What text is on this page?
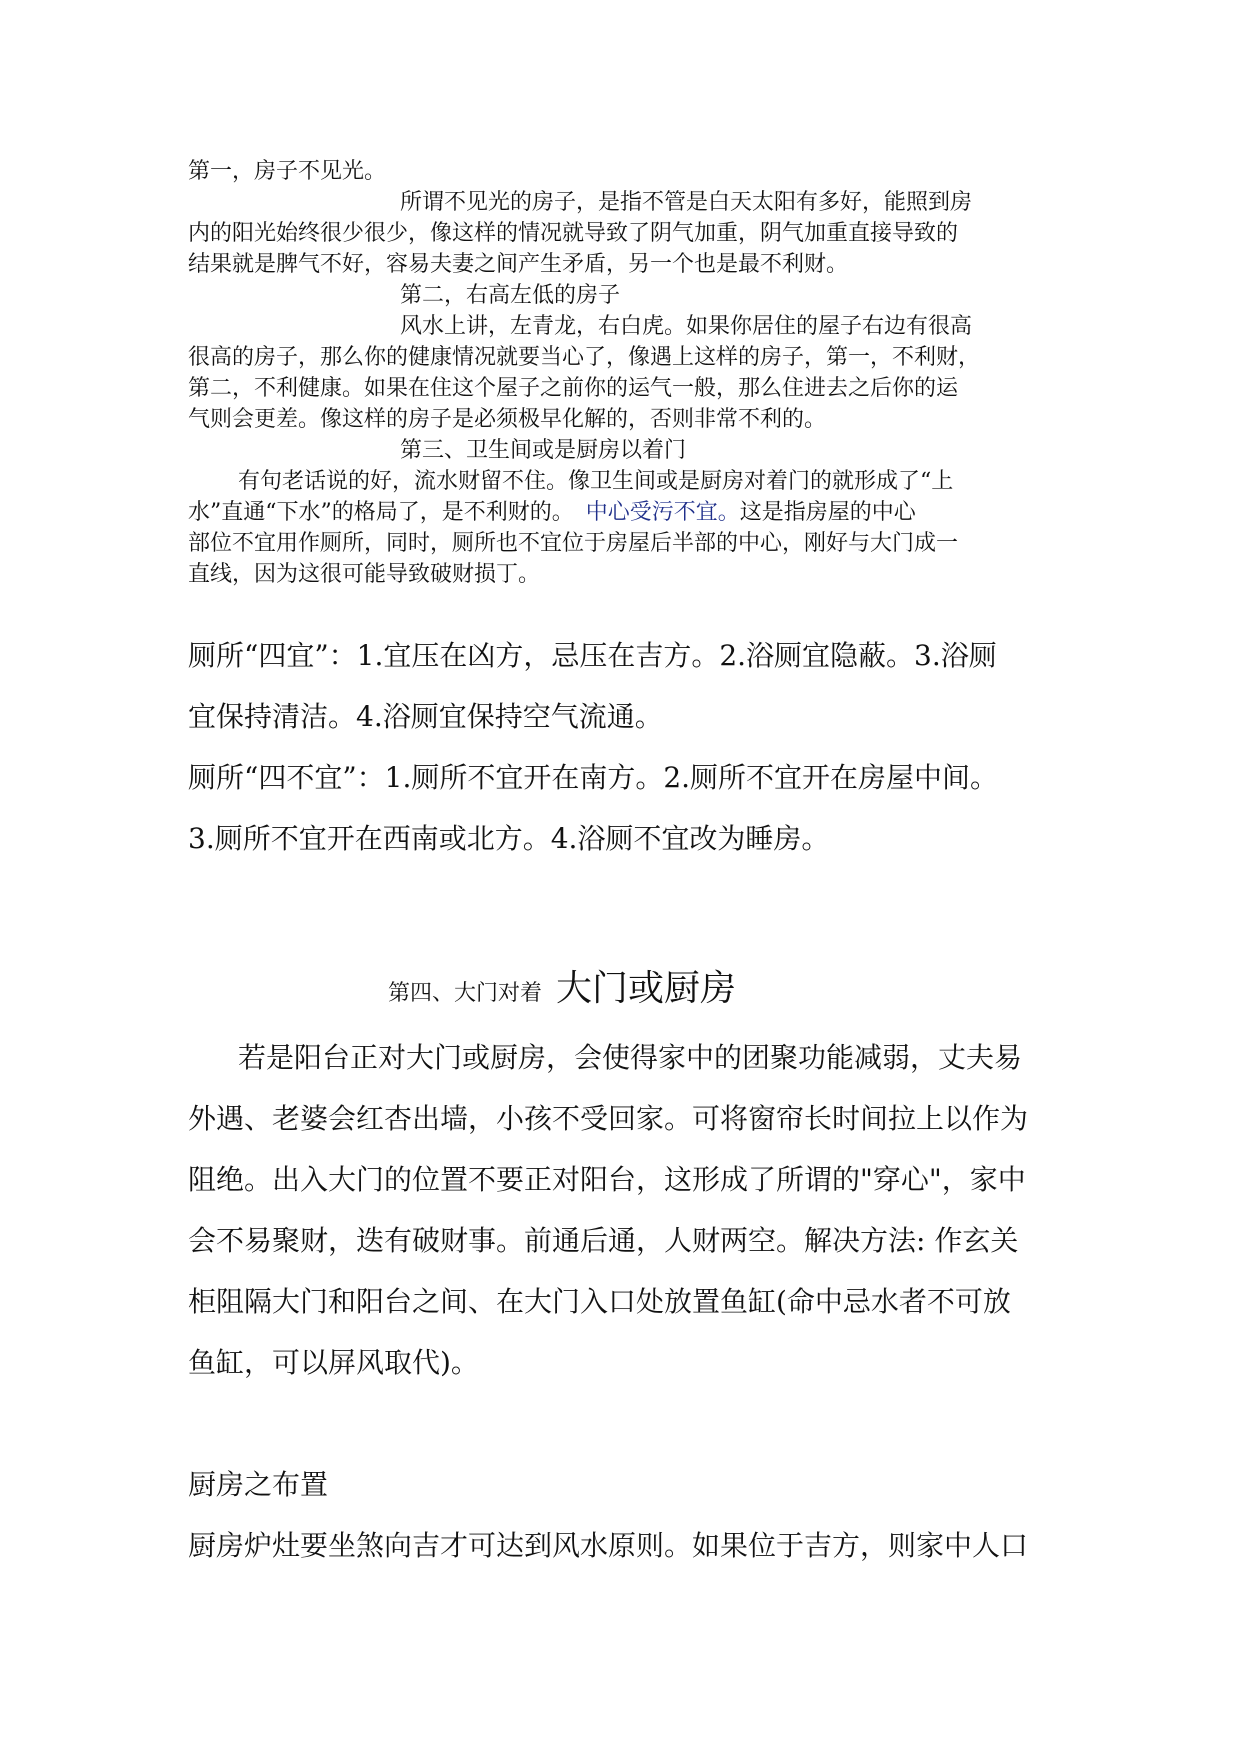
第一，房子不见光。
所谓不见光的房子，是指不管是白天太阳有多好，能照到房
内的阳光始终很少很少，像这样的情况就导致了阴气加重，阴气加重直接导致的
结果就是脾气不好，容易夫妻之间产生矛盾，另一个也是最不利财。
第二，右高左低的房子
风水上讲，左青龙，右白虎。如果你居住的屋子右边有很高
很高的房子，那么你的健康情况就要当心了，像遇上这样的房子，第一，不利财，
第二，不利健康。如果在住这个屋子之前你的运气一般，那么住进去之后你的运
气则会更差。像这样的房子是必须极早化解的，否则非常不利的。
第三、卫生间或是厨房以着门
有句老话说的好，流水财留不住。像卫生间或是厨房对着门的就形成了“上
水”直通“下水”的格局了，是不利财的。 中心受污不宜。这是指房屋的中心
部位不宜用作厕所，同时，厕所也不宜位于房屋后半部的中心，刚好与大门成一
直线，因为这很可能导致破财损丁。
厕所“四宜”：1.宜压在凶方，忌压在吉方。2.浴厕宜隐蔽。3.浴厕
宜保持清洁。4.浴厕宜保持空气流通。
厕所“四不宜”：1.厕所不宜开在南方。2.厕所不宜开在房屋中间。
3.厕所不宜开在西南或北方。4.浴厕不宜改为睡房。
第四、大门对着 大门或厨房
若是阳台正对大门或厨房，会使得家中的团聚功能减弱，丈夫易
外遇、老婆会红杏出墙，小孩不受回家。可将窗帘长时间拉上以作为
阻绝。出入大门的位置不要正对阳台，这形成了所谓的"穿心"，家中
会不易聚财，迭有破财事。前通后通，人财两空。解决方法: 作玄关
柜阻隔大门和阳台之间、在大门入口处放置鱼缸(命中忌水者不可放
鱼缸，可以屏风取代)。
厨房之布置
厨房炉灶要坐煞向吉才可达到风水原则。如果位于吉方，则家中人口
